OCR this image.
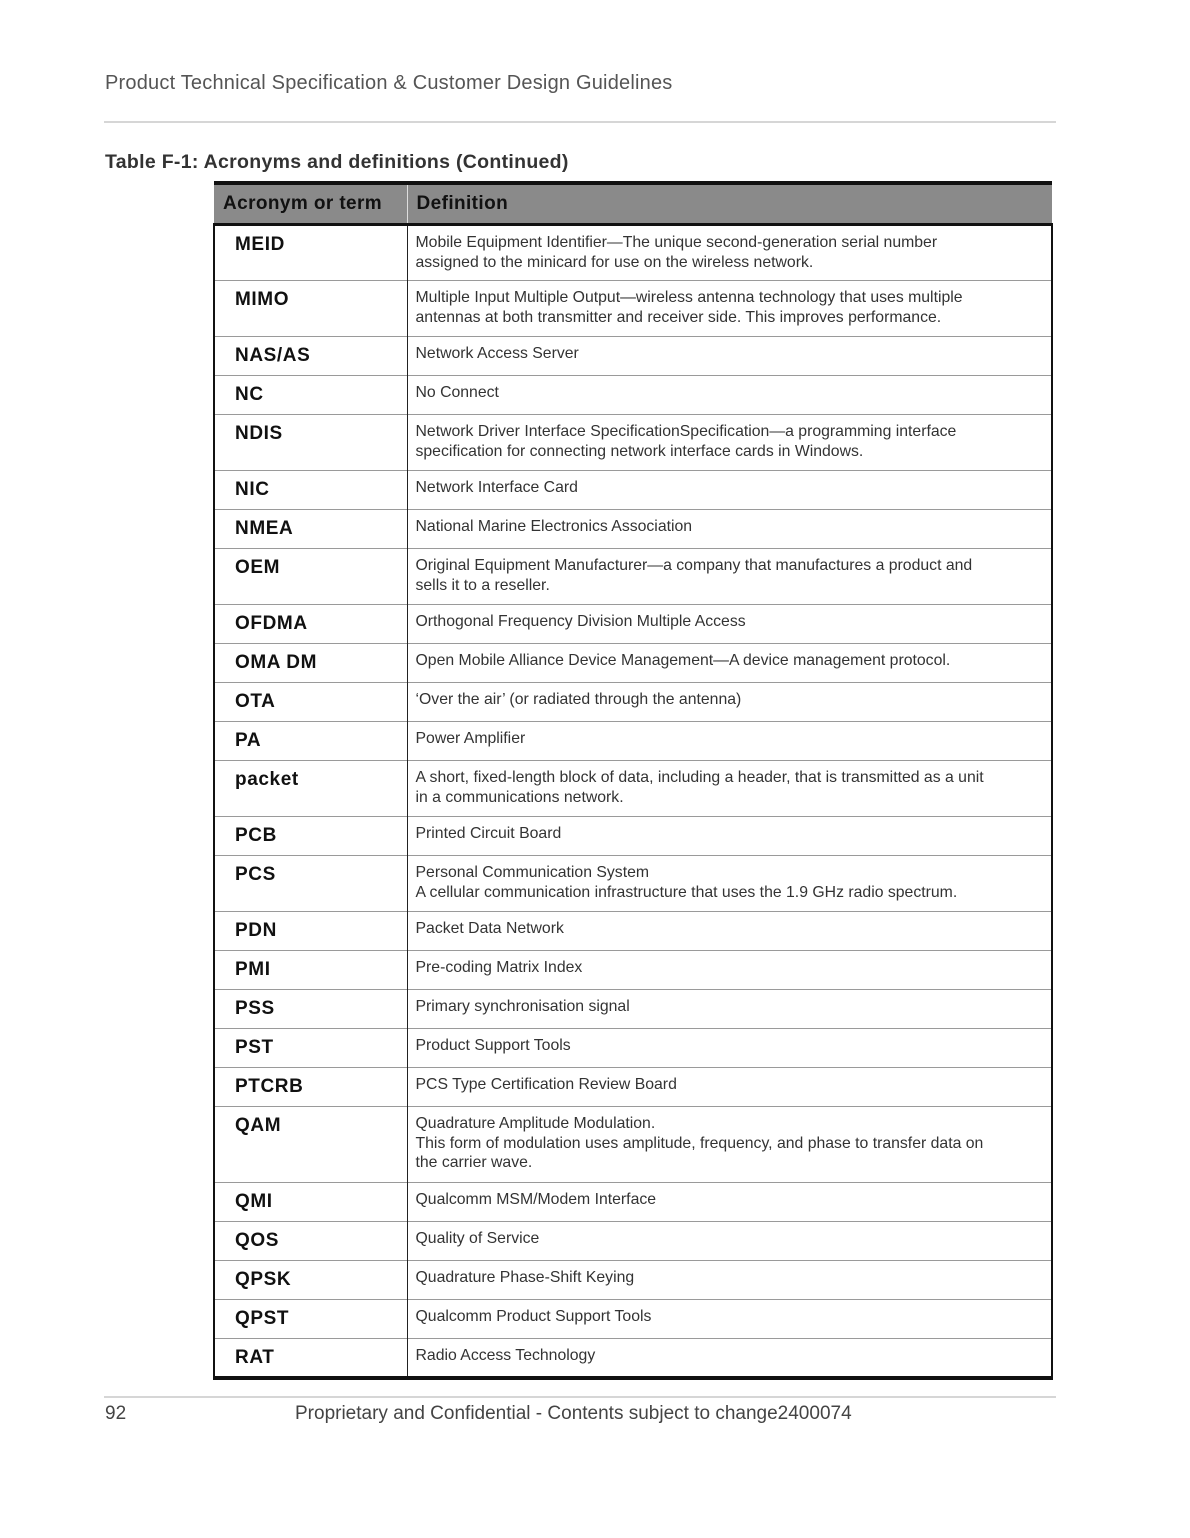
Product Technical Specification & Customer Design Guidelines
Table F-1: Acronyms and definitions (Continued)
Acronym or term	Definition
MEID	Mobile Equipment Identifier—The unique second-generation serial number
assigned to the minicard for use on the wireless network.

MIMO	Multiple Input Multiple Output—wireless antenna technology that uses multiple
antennas at both transmitter and receiver side. This improves performance.

NAS/AS	Network Access Server

NC	No Connect

NDIS	Network Driver Interface SpecificationSpecification—a programming interface
specification for connecting network interface cards in Windows.

NIC	Network Interface Card

NMEA	National Marine Electronics Association

OEM	Original Equipment Manufacturer—a company that manufactures a product and
sells it to a reseller.

OFDMA	Orthogonal Frequency Division Multiple Access

OMA DM	Open Mobile Alliance Device Management—A device management protocol.

OTA	‘Over the air’ (or radiated through the antenna)

PA	Power Amplifier

packet	A short, fixed-length block of data, including a header, that is transmitted as a unit
in a communications network.

PCB	Printed Circuit Board

PCS	Personal Communication System
A cellular communication infrastructure that uses the 1.9 GHz radio spectrum.

PDN	Packet Data Network

PMI	Pre-coding Matrix Index

PSS	Primary synchronisation signal

PST	Product Support Tools

PTCRB	PCS Type Certification Review Board

QAM	Quadrature Amplitude Modulation.
This form of modulation uses amplitude, frequency, and phase to transfer data on
the carrier wave.

QMI	Qualcomm MSM/Modem Interface

QOS	Quality of Service

QPSK	Quadrature Phase-Shift Keying

QPST	Qualcomm Product Support Tools

RAT	Radio Access Technology
92	Proprietary and Confidential - Contents subject to change2400074
